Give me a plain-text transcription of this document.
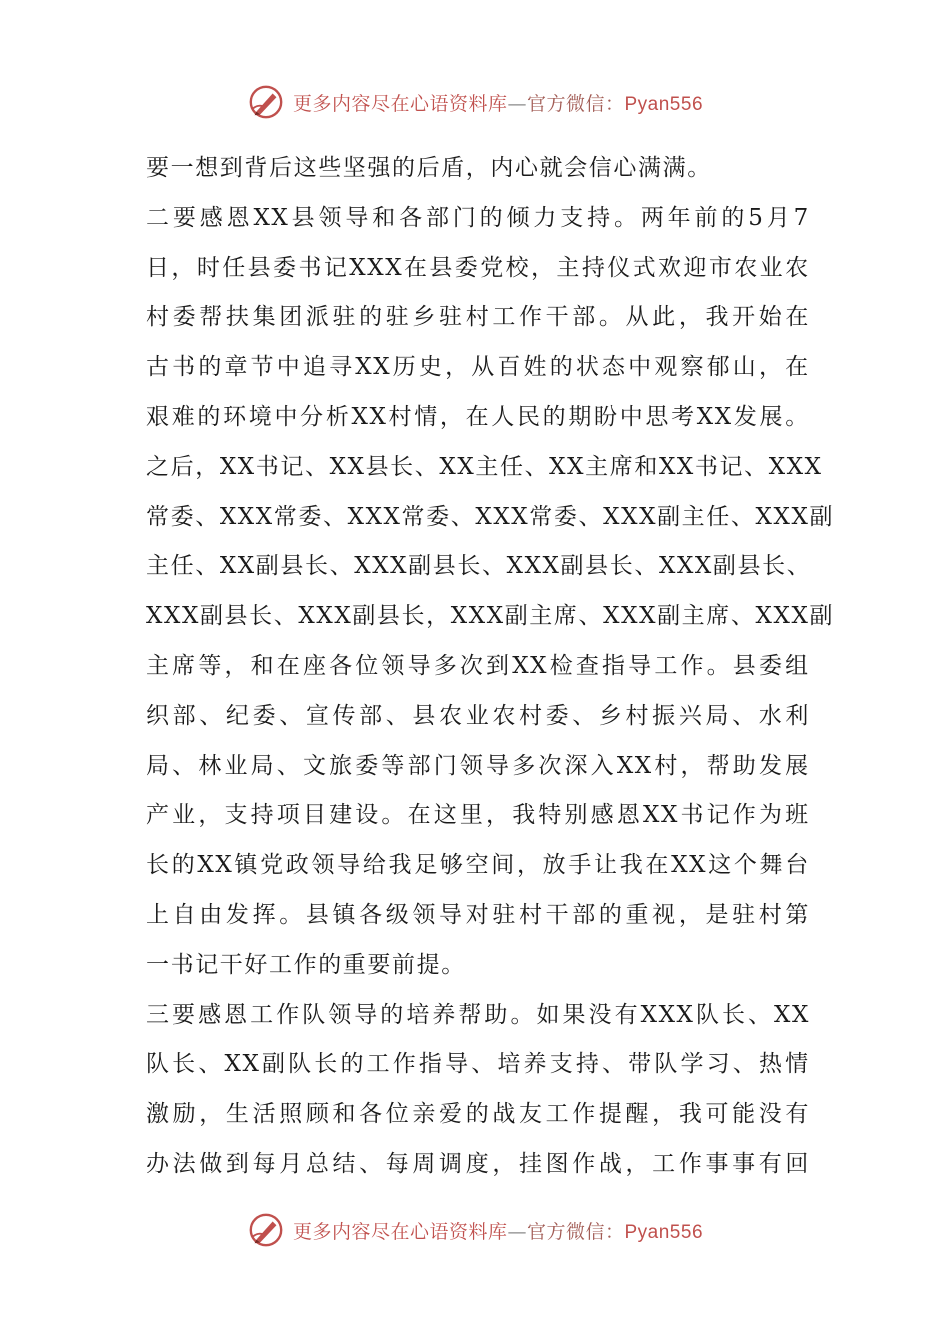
更多内容尽在心语资料库—官方微信：Pyan556
要一想到背后这些坚强的后盾，内心就会信心满满。
二 要 感 恩 XX 县 领 导 和 各 部 门 的 倾 力 支 持 。 两 年 前 的 5 月 7
日 ， 时 任 县 委 书 记 XXX 在 县 委 党 校 ， 主 持 仪 式 欢 迎 市 农 业 农
村 委 帮 扶 集 团 派 驻 的 驻 乡 驻 村 工 作 干 部 。 从 此 ， 我 开 始 在
古 书 的 章 节 中 追 寻 XX 历 史 ， 从 百 姓 的 状 态 中 观 察 郁 山 ， 在
艰 难 的 环 境 中 分 析 XX 村 情 ， 在 人 民 的 期 盼 中 思 考 XX 发 展 。
之 后 ， XX 书 记 、 XX 县 长 、 XX 主 任 、 XX 主 席 和 XX 书 记 、 XXX
常 委 、 XXX 常 委 、 XXX 常 委 、 XXX 常 委 、 XXX 副 主 任 、 XXX 副
主 任 、 XX 副 县 长 、 XXX 副 县 长 、 XXX 副 县 长 、 XXX 副 县 长 、
XXX 副 县 长 、 XXX 副 县 长 ， XXX 副 主 席 、 XXX 副 主 席 、 XXX 副
主 席 等 ， 和 在 座 各 位 领 导 多 次 到 XX 检 查 指 导 工 作 。 县 委 组
织 部 、 纪 委 、 宣 传 部 、 县 农 业 农 村 委 、 乡 村 振 兴 局 、 水 利
局 、 林 业 局 、 文 旅 委 等 部 门 领 导 多 次 深 入 XX 村 ， 帮 助 发 展
产 业 ， 支 持 项 目 建 设 。 在 这 里 ， 我 特 别 感 恩 XX 书 记 作 为 班
长 的 XX 镇 党 政 领 导 给 我 足 够 空 间 ， 放 手 让 我 在 XX 这 个 舞 台
上 自 由 发 挥 。 县 镇 各 级 领 导 对 驻 村 干 部 的 重 视 ， 是 驻 村 第
一书记干好工作的重要前提。
三 要 感 恩 工 作 队 领 导 的 培 养 帮 助 。 如 果 没 有 XXX 队 长 、 XX
队 长 、 XX 副 队 长 的 工 作 指 导 、 培 养 支 持 、 带 队 学 习 、 热 情
激 励 ， 生 活 照 顾 和 各 位 亲 爱 的 战 友 工 作 提 醒 ， 我 可 能 没 有
办 法 做 到 每 月 总 结 、 每 周 调 度 ， 挂 图 作 战 ， 工 作 事 事 有 回
更多内容尽在心语资料库—官方微信：Pyan556
